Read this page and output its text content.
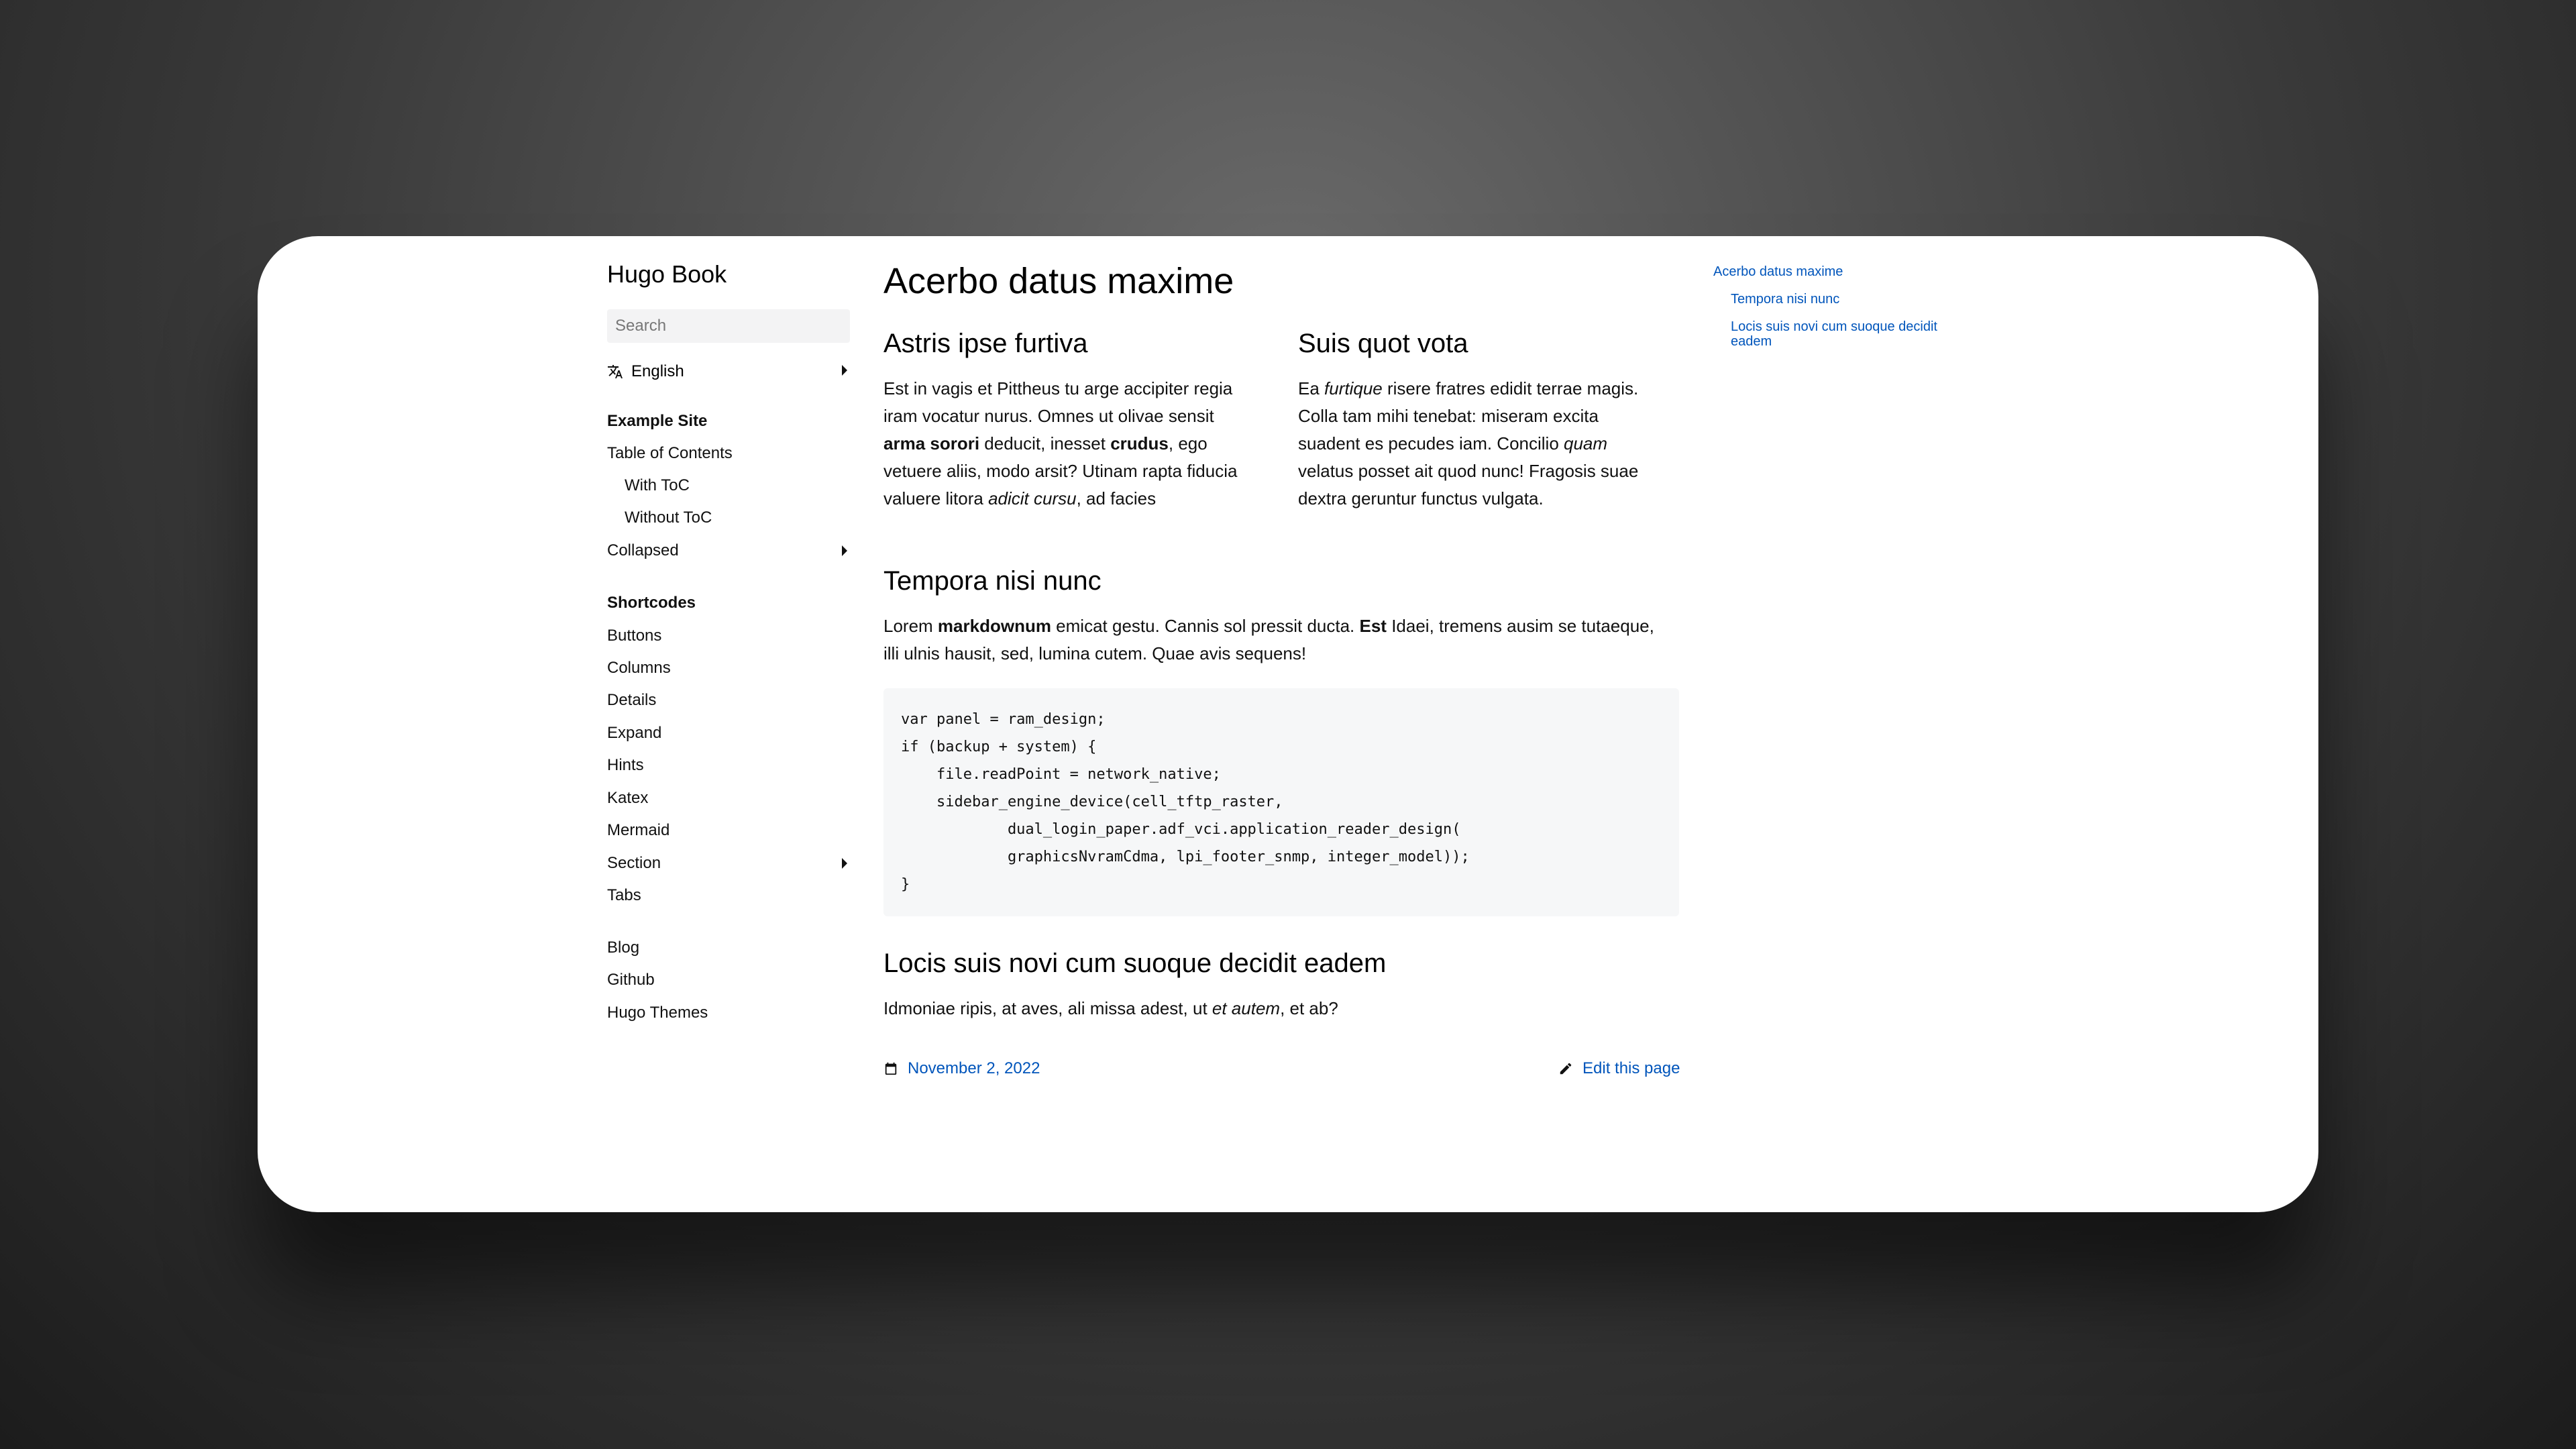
Hugo Book
Search
English
Example Site
Table of Contents
With ToC
Without ToC
Collapsed
Shortcodes
Buttons
Columns
Details
Expand
Hints
Katex
Mermaid
Section
Tabs
Blog
Github
Hugo Themes
Acerbo datus maxime
Astris ipse furtiva
Est in vagis et Pittheus tu arge accipiter regia
iram vocatur nurus. Omnes ut olivae sensit
arma sorori deducit, inesset crudus, ego
vetuere aliis, modo arsit? Utinam rapta fiducia
valuere litora adicit cursu, ad facies
Suis quot vota
Ea furtique risere fratres edidit terrae magis.
Colla tam mihi tenebat: miseram excita
suadent es pecudes iam. Concilio quam
velatus posset ait quod nunc! Fragosis suae
dextra geruntur functus vulgata.
Tempora nisi nunc
Lorem markdownum emicat gestu. Cannis sol pressit ducta. Est Idaei, tremens ausim se tutaeque,
illi ulnis hausit, sed, lumina cutem. Quae avis sequens!
var panel = ram_design;
if (backup + system) {
file.readPoint = network_native;
sidebar_engine_device(cell_tftp_raster,
dual_login_paper.adf_vci.application_reader_design(
graphicsNvramCdma, lpi_footer_snmp, integer_model));
}
Locis suis novi cum suoque decidit eadem
Idmoniae ripis, at aves, ali missa adest, ut et autem, et ab?
November 2, 2022	Edit this page
Acerbo datus maxime
Tempora nisi nunc
Locis suis novi cum suoque decidit
eadem
